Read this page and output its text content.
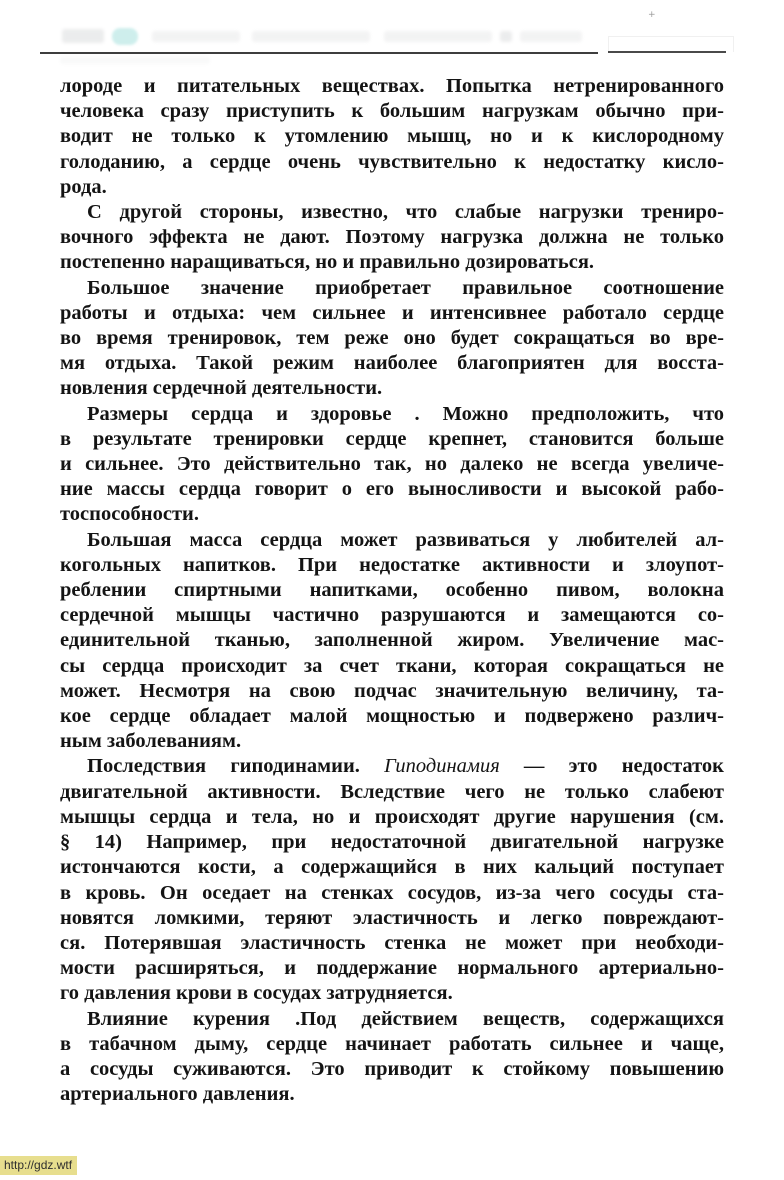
+
лороде и питательных веществах. Попытка нетренированного
человека сразу приступить к большим нагрузкам обычно при-
водит не только к утомлению мышц, но и к кислородному
голоданию, а сердце очень чувствительно к недостатку кисло-
рода.
С другой стороны, известно, что слабые нагрузки трениро-
вочного эффекта не дают. Поэтому нагрузка должна не только
постепенно наращиваться, но и правильно дозироваться.
Большое значение приобретает правильное соотношение
работы и отдыха: чем сильнее и интенсивнее работало сердце
во время тренировок, тем реже оно будет сокращаться во вре-
мя отдыха. Такой режим наиболее благоприятен для восста-
новления сердечной деятельности.
Размеры сердца и здоровье . Можно предположить, что
в результате тренировки сердце крепнет, становится больше
и сильнее. Это действительно так, но далеко не всегда увеличе-
ние массы сердца говорит о его выносливости и высокой рабо-
тоспособности.
Большая масса сердца может развиваться у любителей ал-
когольных напитков. При недостатке активности и злоупот-
реблении спиртными напитками, особенно пивом, волокна
сердечной мышцы частично разрушаются и замещаются со-
единительной тканью, заполненной жиром. Увеличение мас-
сы сердца происходит за счет ткани, которая сокращаться не
может. Несмотря на свою подчас значительную величину, та-
кое сердце обладает малой мощностью и подвержено различ-
ным заболеваниям.
Последствия гиподинамии. Гиподинамия — это недостаток
двигательной активности. Вследствие чего не только слабеют
мышцы сердца и тела, но и происходят другие нарушения (см.
§ 14) Например, при недостаточной двигательной нагрузке
истончаются кости, а содержащийся в них кальций поступает
в кровь. Он оседает на стенках сосудов, из-за чего сосуды ста-
новятся ломкими, теряют эластичность и легко повреждают-
ся. Потерявшая эластичность стенка не может при необходи-
мости расширяться, и поддержание нормального артериально-
го давления крови в сосудах затрудняется.
Влияние курения .Под действием веществ, содержащихся
в табачном дыму, сердце начинает работать сильнее и чаще,
а сосуды суживаются. Это приводит к стойкому повышению
артериального давления.
http://gdz.wtf
